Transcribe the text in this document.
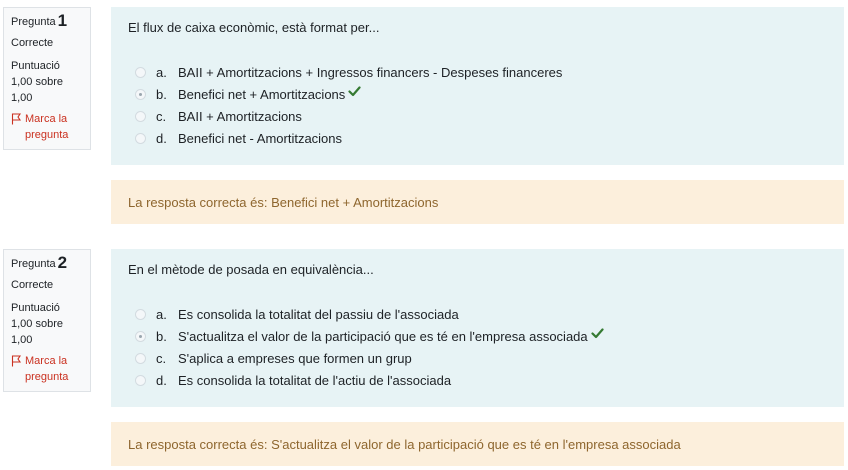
Pregunta 1
Correcte
Puntuació 1,00 sobre 1,00
Marca la pregunta
El flux de caixa econòmic, està format per...
a. BAII + Amortitzacions + Ingressos financers - Despeses financeres
b. Benefici net + Amortitzacions
c. BAII + Amortitzacions
d. Benefici net - Amortitzacions
La resposta correcta és: Benefici net + Amortitzacions
Pregunta 2
Correcte
Puntuació 1,00 sobre 1,00
Marca la pregunta
En el mètode de posada en equivalència...
a. Es consolida la totalitat del passiu de l'associada
b. S'actualitza el valor de la participació que es té en l'empresa associada
c. S'aplica a empreses que formen un grup
d. Es consolida la totalitat de l'actiu de l'associada
La resposta correcta és: S'actualitza el valor de la participació que es té en l'empresa associada
